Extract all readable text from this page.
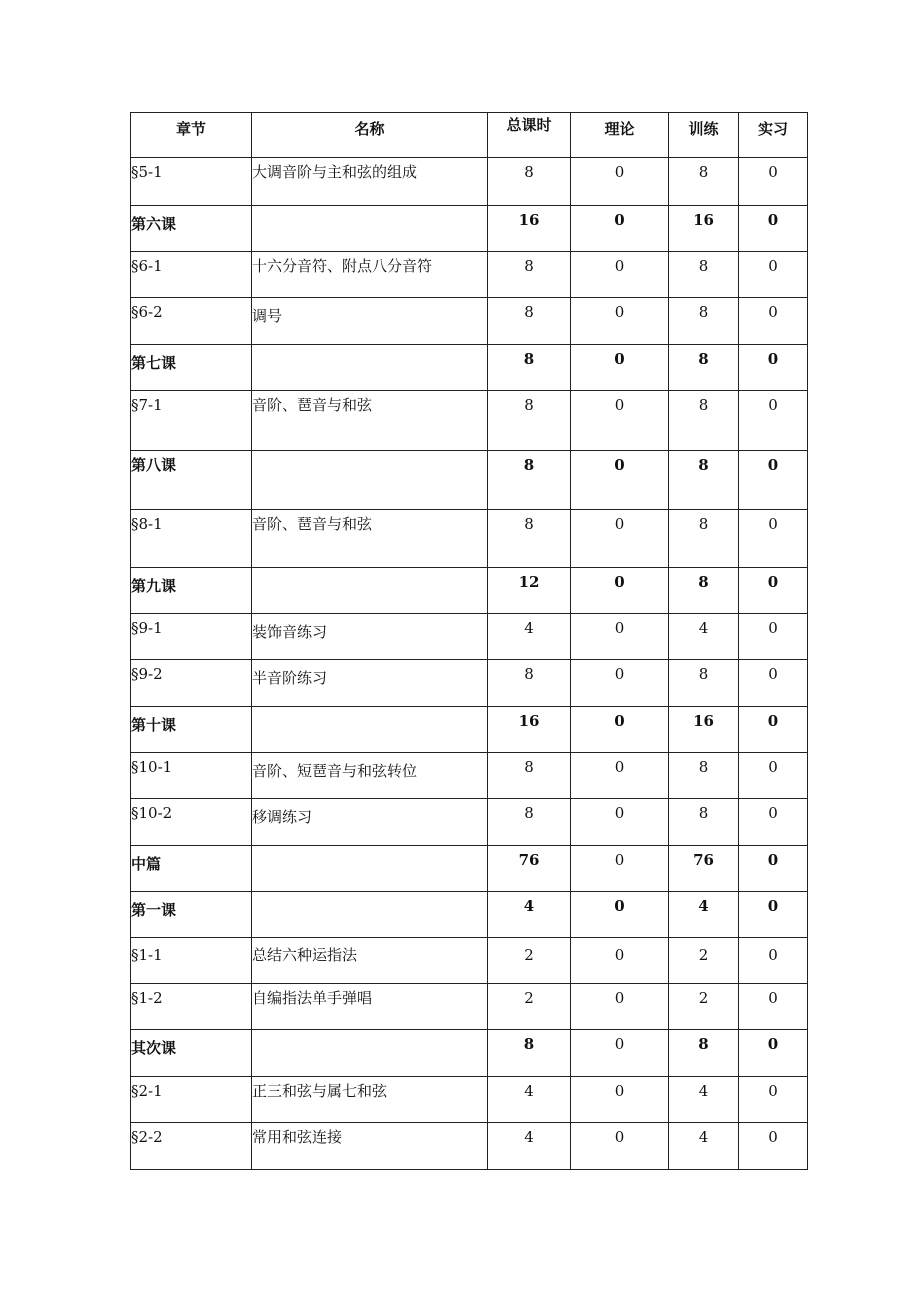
章节	名称	总课时	理论	训练	实习
§5-1	大调音阶与主和弦的组成	8	0	8	0
第六课		16	0	16	0
§6-1	十六分音符、附点八分音符	8	0	8	0
§6-2	调号	8	0	8	0
第七课		8	0	8	0
§7-1	音阶、琶音与和弦	8	0	8	0
第八课		8	0	8	0
§8-1	音阶、琶音与和弦	8	0	8	0
第九课		12	0	8	0
§9-1	装饰音练习	4	0	4	0
§9-2	半音阶练习	8	0	8	0
第十课		16	0	16	0
§10-1	音阶、短琶音与和弦转位	8	0	8	0
§10-2	移调练习	8	0	8	0
中篇		76	0	76	0
第一课		4	0	4	0
§1-1	总结六种运指法	2	0	2	0
§1-2	自编指法单手弹唱	2	0	2	0
其次课		8	0	8	0
§2-1	正三和弦与属七和弦	4	0	4	0
§2-2	常用和弦连接	4	0	4	0
